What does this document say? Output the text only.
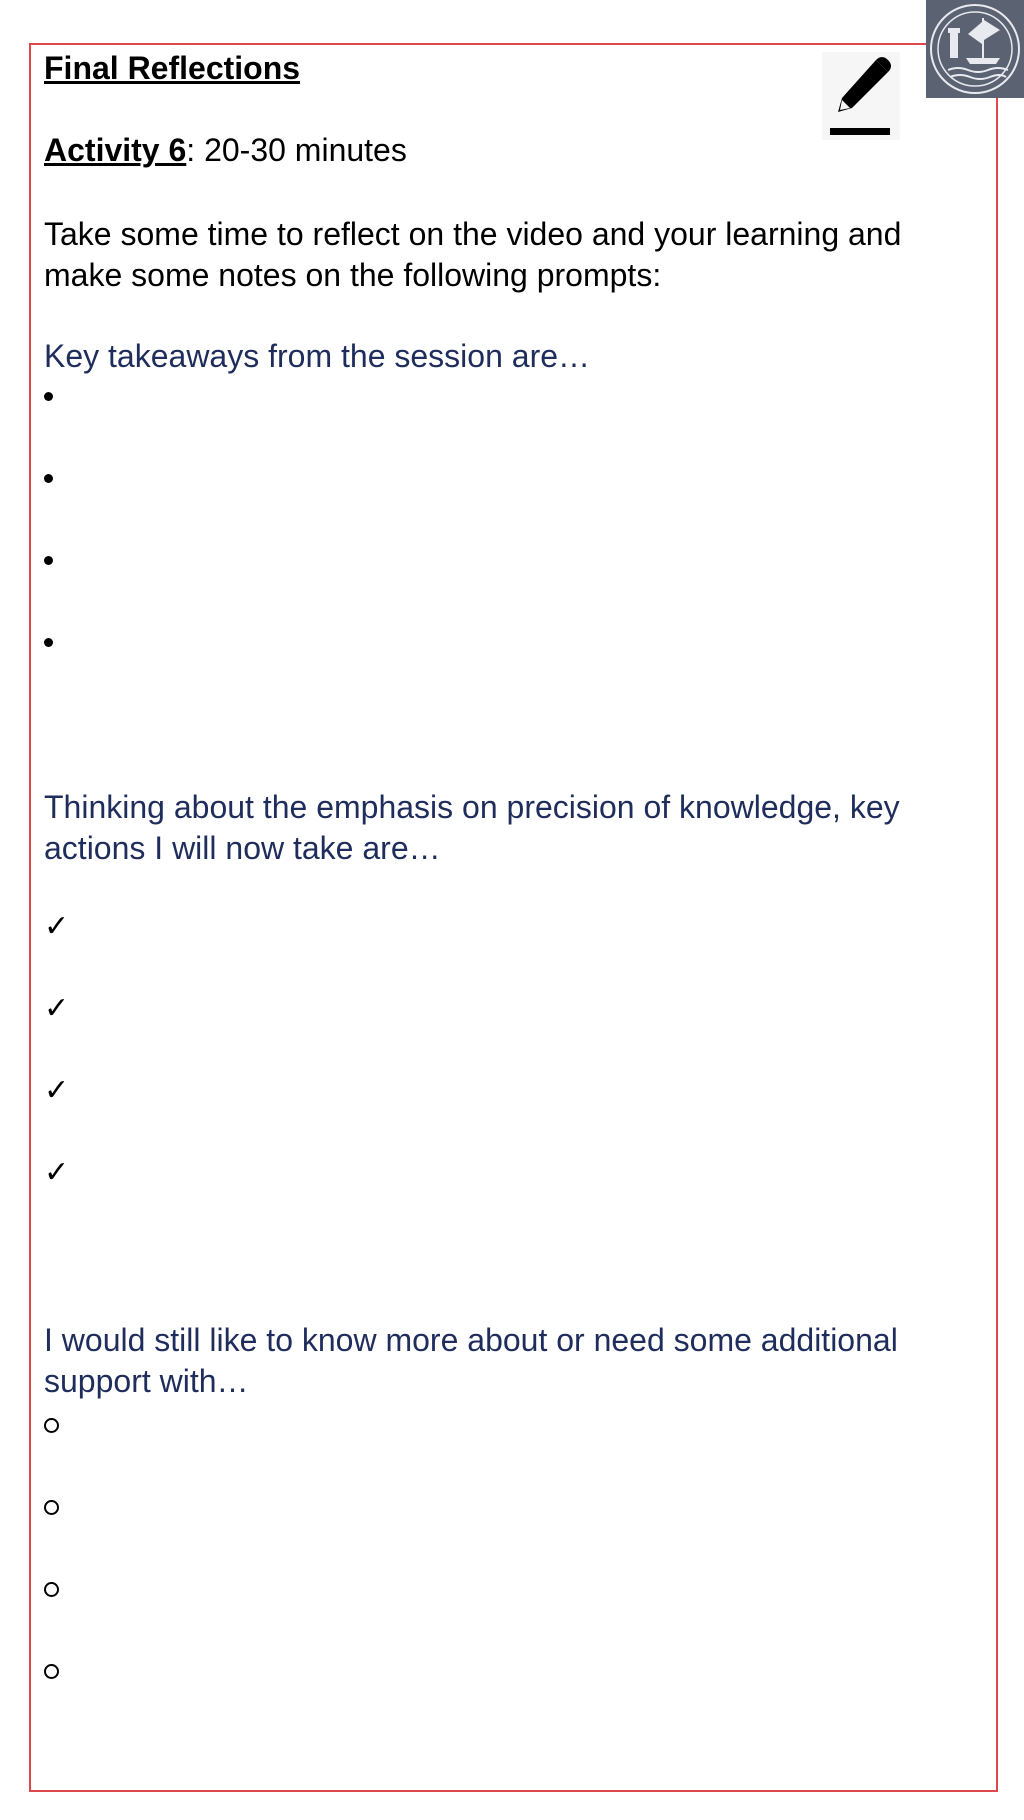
Final Reflections
Activity 6: 20-30 minutes
Take some time to reflect on the video and your learning and make some notes on the following prompts:
Key takeaways from the session are…
Thinking about the emphasis on precision of knowledge, key actions I will now take are…
✓
✓
✓
✓
I would still like to know more about or need some additional support with…
